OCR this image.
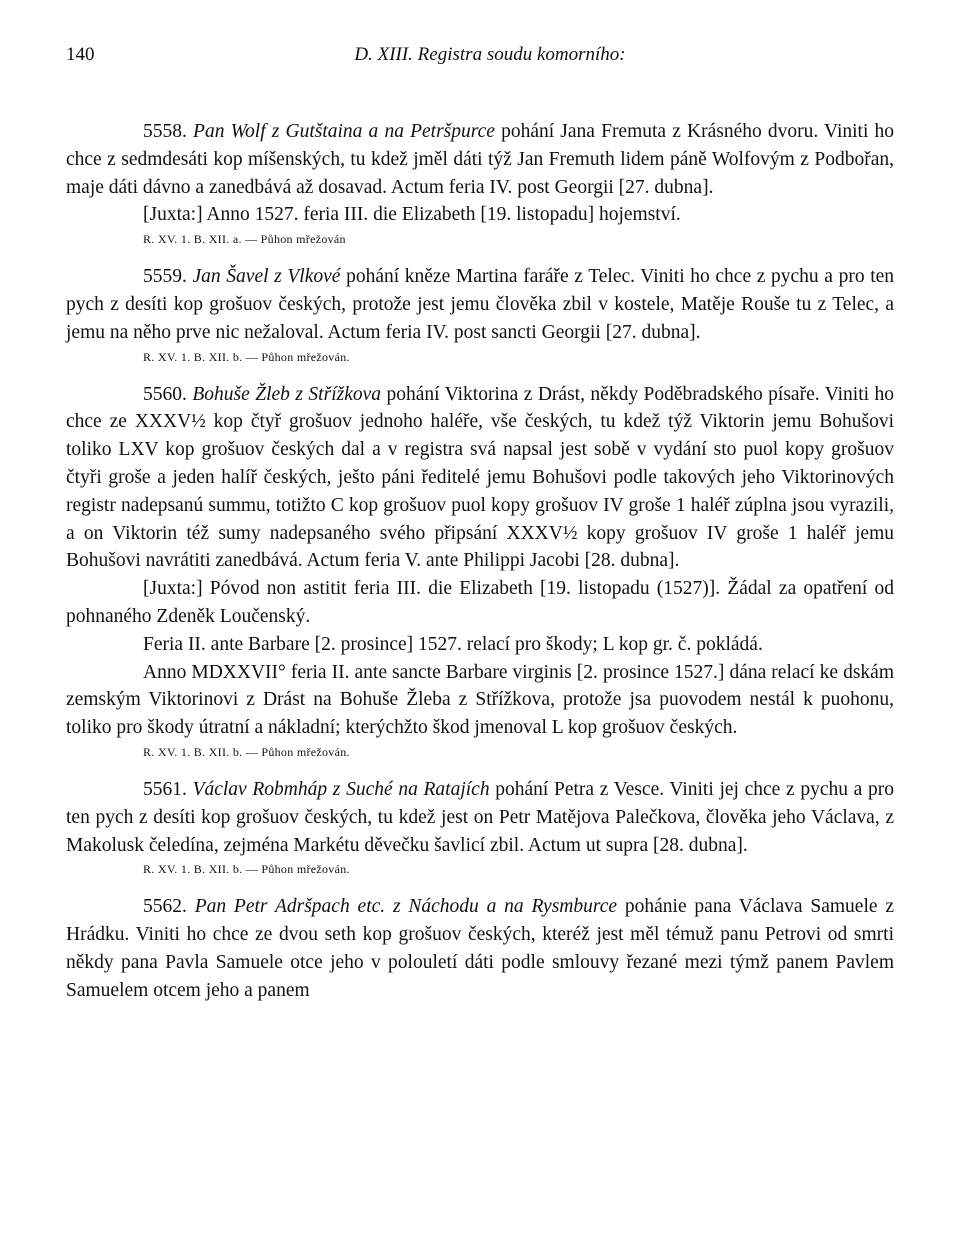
140	D. XIII. Registra soudu komorního:

5558. Pan Wolf z Gutštaina a na Petršpurce pohání Jana Fremuta z Krásného dvoru. Viniti ho chce z sedmdesáti kop míšenských, tu kdež jměl dáti týž Jan Fremuth lidem páně Wolfovým z Podbořan, maje dáti dávno a zanedbává až dosavad. Actum feria IV. post Georgii [27. dubna].

[Juxta:] Anno 1527. feria III. die Elizabeth [19. listopadu] hojemství.

R. XV. 1. B. XII. a. — Půhon mřežován

5559. Jan Šavel z Vlkové pohání kněze Martina faráře z Telec. Viniti ho chce z pychu a pro ten pych z desíti kop grošuov českých, protože jest jemu člověka zbil v kostele, Matěje Rouše tu z Telec, a jemu na něho prve nic nežaloval. Actum feria IV. post sancti Georgii [27. dubna].

R. XV. 1. B. XII. b. — Půhon mřežován.

5560. Bohuše Žleb z Střížkova pohání Viktorina z Drást, někdy Poděbradského písaře. Viniti ho chce ze XXXV½ kop čtyř grošuov jednoho haléře, vše českých, tu kdež týž Viktorin jemu Bohušovi toliko LXV kop grošuov českých dal a v registra svá napsal jest sobě v vydání sto puol kopy grošuov čtyři groše a jeden halíř českých, ješto páni ředitelé jemu Bohušovi podle takových jeho Viktorinových registr nadepsanú summu, totižto C kop grošuov puol kopy grošuov IV groše 1 haléř zúplna jsou vyrazili, a on Viktorin též sumy nadepsaného svého připsání XXXV½ kopy grošuov IV groše 1 haléř jemu Bohušovi navrátiti zanedbává. Actum feria V. ante Philippi Jacobi [28. dubna].

[Juxta:] Póvod non astitit feria III. die Elizabeth [19. listopadu (1527)]. Žádal za opatření od pohnaného Zdeněk Loučenský.

Feria II. ante Barbare [2. prosince] 1527. relací pro škody; L kop gr. č. pokládá.

Anno MDXXVII° feria II. ante sancte Barbare virginis [2. prosince 1527.] dána relací ke dskám zemským Viktorinovi z Drást na Bohuše Žleba z Střížkova, protože jsa puovodem nestál k puohonu, toliko pro škody útratní a nákladní; kterýchžto škod jmenoval L kop grošuov českých.

R. XV. 1. B. XII. b. — Půhon mřežován.

5561. Václav Robmháp z Suché na Ratajích pohání Petra z Vesce. Viniti jej chce z pychu a pro ten pych z desíti kop grošuov českých, tu kdež jest on Petr Matějova Palečkova, člověka jeho Václava, z Makolusk čeledína, zejména Markétu děvečku šavlicí zbil. Actum ut supra [28. dubna].

R. XV. 1. B. XII. b. — Půhon mřežován.

5562. Pan Petr Adršpach etc. z Náchodu a na Rysmburce pohánie pana Václava Samuele z Hrádku. Viniti ho chce ze dvou seth kop grošuov českých, kteréž jest měl témuž panu Petrovi od smrti někdy pana Pavla Samuele otce jeho v polouletí dáti podle smlouvy řezané mezi týmž panem Pavlem Samuelem otcem jeho a panem
